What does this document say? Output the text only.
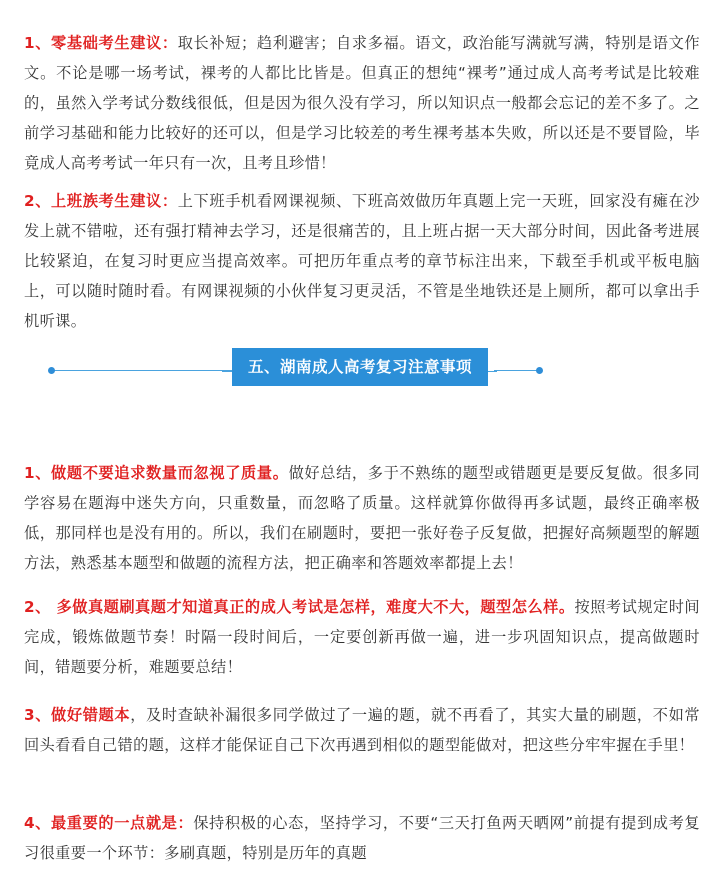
1、零基础考生建议：取长补短；趋利避害；自求多福。语文，政治能写满就写满，特别是语文作文。不论是哪一场考试，裸考的人都比比皆是。但真正的想纯“裸考”通过成人高考考试是比较难的，虽然入学考试分数线很低，但是因为很久没有学习，所以知识点一般都会忘记的差不多了。之前学习基础和能力比较好的还可以，但是学习比较差的考生裸考基本失败，所以还是不要冒险，毕竟成人高考考试一年只有一次，且考且珍惜！

2、上班族考生建议：上下班手机看网课视频、下班高效做历年真题上完一天班，回家没有瘫在沙发上就不错啦，还有强打精神去学习，还是很痛苦的，且上班占据一天大部分时间，因此备考进展比较紧迫，在复习时更应当提高效率。可把历年重点考的章节标注出来，下载至手机或平板电脑上，可以随时随时看。有网课视频的小伙伴复习更灵活，不管是坐地铁还是上厕所，都可以拿出手机听课。

五、湖南成人高考复习注意事项

1、做题不要追求数量而忽视了质量。做好总结，多于不熟练的题型或错题更是要反复做。很多同学容易在题海中迷失方向，只重数量，而忽略了质量。这样就算你做得再多试题，最终正确率极低，那同样也是没有用的。所以，我们在刷题时，要把一张好卷子反复做，把握好高频题型的解题方法，熟悉基本题型和做题的流程方法，把正确率和答题效率都提上去！

2、 多做真题刷真题才知道真正的成人考试是怎样，难度大不大，题型怎么样。按照考试规定时间完成，锻炼做题节奏！时隔一段时间后，一定要创新再做一遍，进一步巩固知识点，提高做题时间，错题要分析，难题要总结！

3、做好错题本，及时查缺补漏很多同学做过了一遍的题，就不再看了，其实大量的刷题，不如常回头看看自己错的题，这样才能保证自己下次再遇到相似的题型能做对，把这些分牢牢握在手里！

4、最重要的一点就是：保持积极的心态，坚持学习，不要“三天打鱼两天晒网”前提有提到成考复习很重要一个环节：多刷真题，特别是历年的真题
